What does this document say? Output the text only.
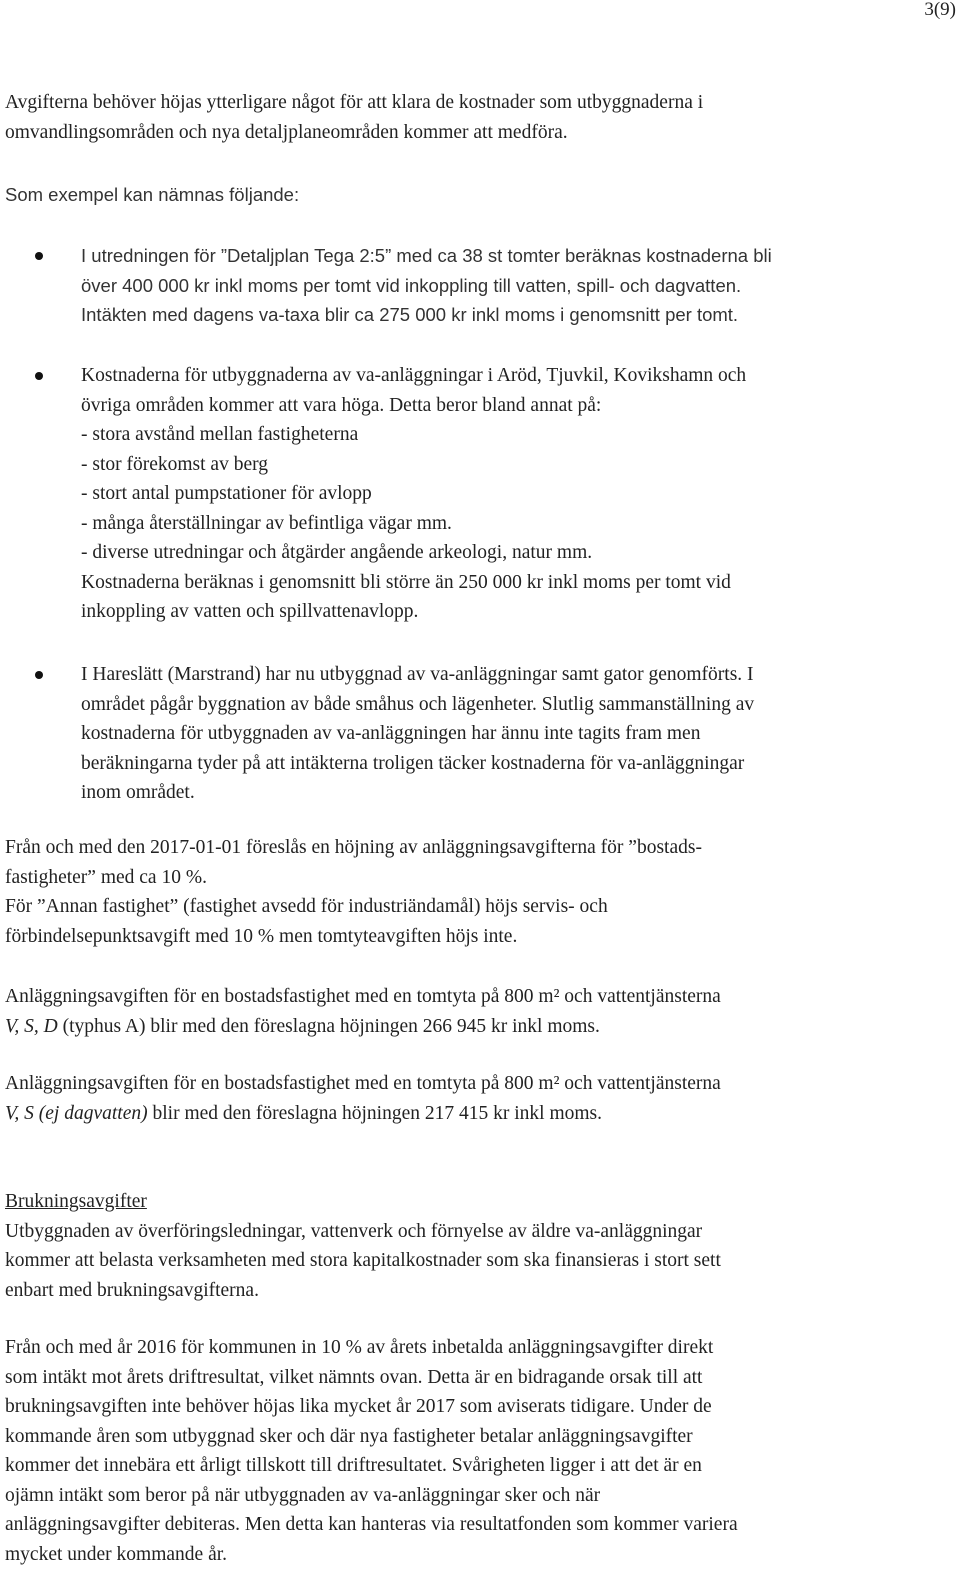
3(9)
Avgifterna behöver höjas ytterligare något för att klara de kostnader som utbyggnaderna i
omvandlingsområden och nya detaljplaneområden kommer att medföra.
Som exempel kan nämnas följande:
I utredningen för ”Detaljplan Tega 2:5” med ca 38 st tomter beräknas kostnaderna bli
över 400 000 kr inkl moms per tomt vid inkoppling till vatten, spill- och dagvatten.
Intäkten med dagens va-taxa blir ca 275 000 kr inkl moms i genomsnitt per tomt.
Kostnaderna för utbyggnaderna av va-anläggningar i Aröd, Tjuvkil, Kovikshamn och
övriga områden kommer att vara höga. Detta beror bland annat på:
- stora avstånd mellan fastigheterna
- stor förekomst av berg
- stort antal pumpstationer för avlopp
- många återställningar av befintliga vägar mm.
- diverse utredningar och åtgärder angående arkeologi, natur mm.
Kostnaderna beräknas i genomsnitt bli större än 250 000 kr inkl moms per tomt vid
inkoppling av vatten och spillvattenavlopp.
I Hareslätt (Marstrand) har nu utbyggnad av va-anläggningar samt gator genomförts. I
området pågår byggnation av både småhus och lägenheter. Slutlig sammanställning av
kostnaderna för utbyggnaden av va-anläggningen har ännu inte tagits fram men
beräkningarna tyder på att intäkterna troligen täcker kostnaderna för va-anläggningar
inom området.
Från och med den 2017-01-01 föreslås en höjning av anläggningsavgifterna för ”bostads-
fastigheter” med ca 10 %.
För ”Annan fastighet” (fastighet avsedd för industriändamål) höjs servis- och
förbindelsepunktsavgift med 10 % men tomtyteavgiften höjs inte.
Anläggningsavgiften för en bostadsfastighet med en tomtyta på 800 m² och vattentjänsterna
V, S, D (typhus A) blir med den föreslagna höjningen 266 945 kr inkl moms.
Anläggningsavgiften för en bostadsfastighet med en tomtyta på 800 m² och vattentjänsterna
V, S (ej dagvatten) blir med den föreslagna höjningen 217 415 kr inkl moms.
Brukningsavgifter
Utbyggnaden av överföringsledningar, vattenverk och förnyelse av äldre va-anläggningar
kommer att belasta verksamheten med stora kapitalkostnader som ska finansieras i stort sett
enbart med brukningsavgifterna.
Från och med år 2016 för kommunen in 10 % av årets inbetalda anläggningsavgifter direkt
som intäkt mot årets driftresultat, vilket nämnts ovan. Detta är en bidragande orsak till att
brukningsavgiften inte behöver höjas lika mycket år 2017 som aviserats tidigare. Under de
kommande åren som utbyggnad sker och där nya fastigheter betalar anläggningsavgifter
kommer det innebära ett årligt tillskott till driftresultatet. Svårigheten ligger i att det är en
ojämn intäkt som beror på när utbyggnaden av va-anläggningar sker och när
anläggningsavgifter debiteras. Men detta kan hanteras via resultatfonden som kommer variera
mycket under kommande år.
